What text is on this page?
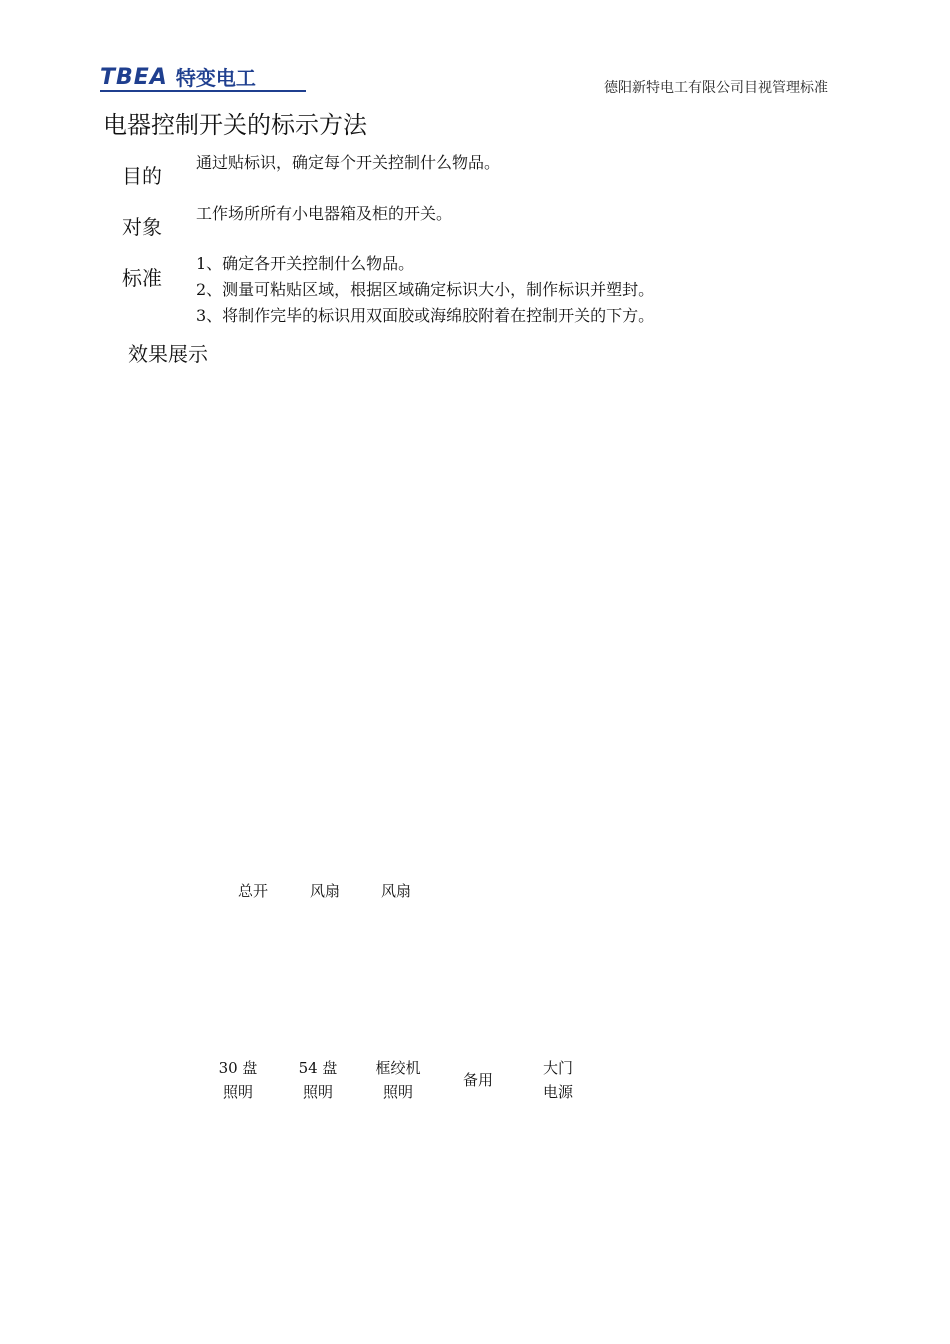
TBEA 特变电工	德阳新特电工有限公司目视管理标准
电器控制开关的标示方法
目的
通过贴标识，确定每个开关控制什么物品。
对象
工作场所所有小电器箱及柜的开关。
标准
1、确定各开关控制什么物品。
2、测量可粘贴区域，根据区域确定标识大小，制作标识并塑封。
3、将制作完毕的标识用双面胶或海绵胶附着在控制开关的下方。
效果展示
总开	风扇	风扇
30 盘
照明
54 盘
照明
框绞机
照明
备用
大门
电源
